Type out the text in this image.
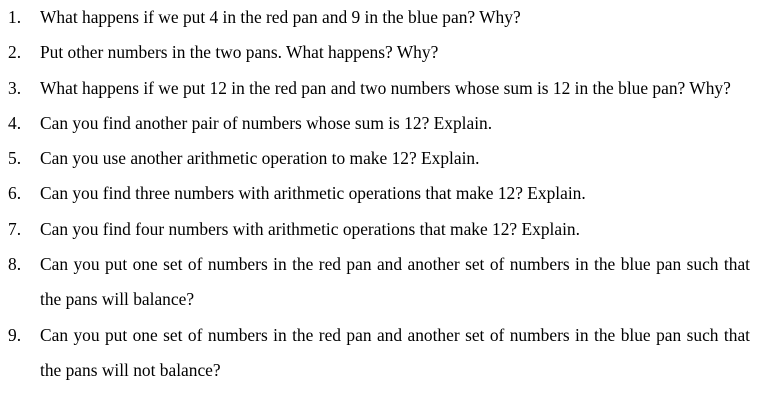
1. What happens if we put 4 in the red pan and 9 in the blue pan? Why?
2. Put other numbers in the two pans. What happens? Why?
3. What happens if we put 12 in the red pan and two numbers whose sum is 12 in the blue pan? Why?
4. Can you find another pair of numbers whose sum is 12? Explain.
5. Can you use another arithmetic operation to make 12? Explain.
6. Can you find three numbers with arithmetic operations that make 12? Explain.
7. Can you find four numbers with arithmetic operations that make 12? Explain.
8. Can you put one set of numbers in the red pan and another set of numbers in the blue pan such that the pans will balance?
9. Can you put one set of numbers in the red pan and another set of numbers in the blue pan such that the pans will not balance?
